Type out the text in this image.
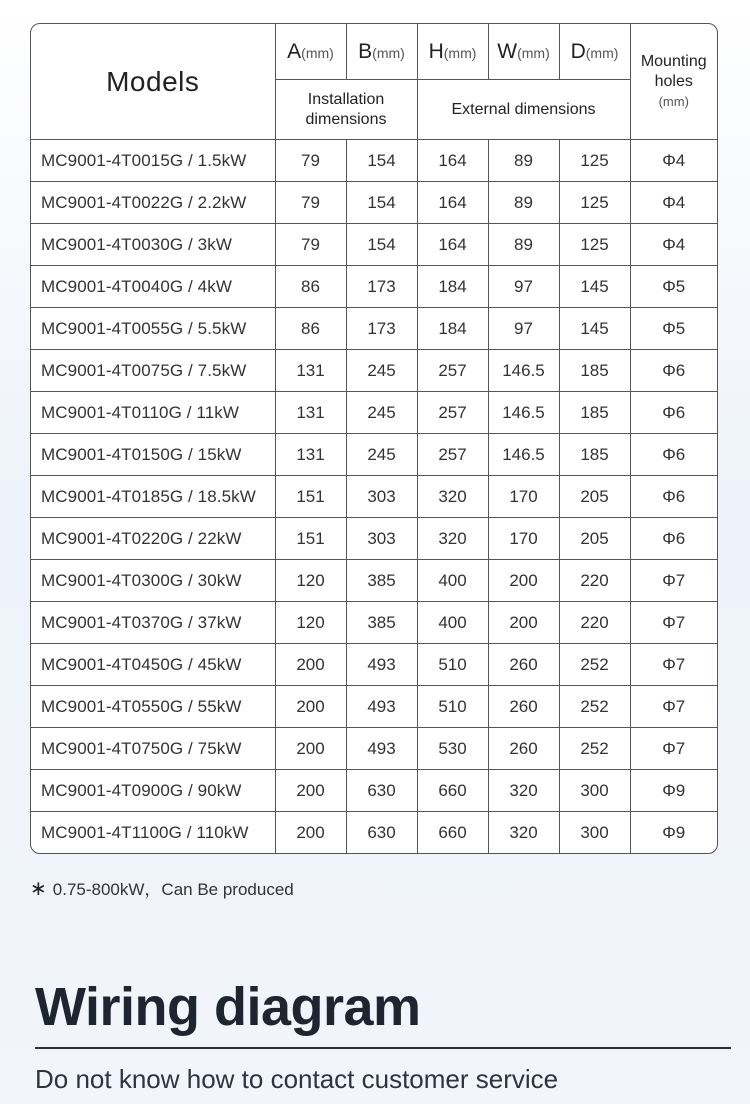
Models	A(mm)	B(mm)	H(mm)	W(mm)	D(mm)	Mounting holes
(mm)

	Installation dimensions		External dimensions			
MC9001-4T0015G / 1.5kW	79	154	164	89	125	Φ4
MC9001-4T0022G / 2.2kW	79	154	164	89	125	Φ4
MC9001-4T0030G / 3kW	79	154	164	89	125	Φ4
MC9001-4T0040G / 4kW	86	173	184	97	145	Φ5
MC9001-4T0055G / 5.5kW	86	173	184	97	145	Φ5
MC9001-4T0075G / 7.5kW	131	245	257	146.5	185	Φ6
MC9001-4T0110G / 11kW	131	245	257	146.5	185	Φ6
MC9001-4T0150G / 15kW	131	245	257	146.5	185	Φ6
MC9001-4T0185G / 18.5kW	151	303	320	170	205	Φ6
MC9001-4T0220G / 22kW	151	303	320	170	205	Φ6
MC9001-4T0300G / 30kW	120	385	400	200	220	Φ7
MC9001-4T0370G / 37kW	120	385	400	200	220	Φ7
MC9001-4T0450G / 45kW	200	493	510	260	252	Φ7
MC9001-4T0550G / 55kW	200	493	510	260	252	Φ7
MC9001-4T0750G / 75kW	200	493	530	260	252	Φ7
MC9001-4T0900G / 90kW	200	630	660	320	300	Φ9
MC9001-4T1100G / 110kW	200	630	660	320	300	Φ9
∗ 0.75-800kW，Can Be produced
Wiring diagram
Do not know how to contact customer service
